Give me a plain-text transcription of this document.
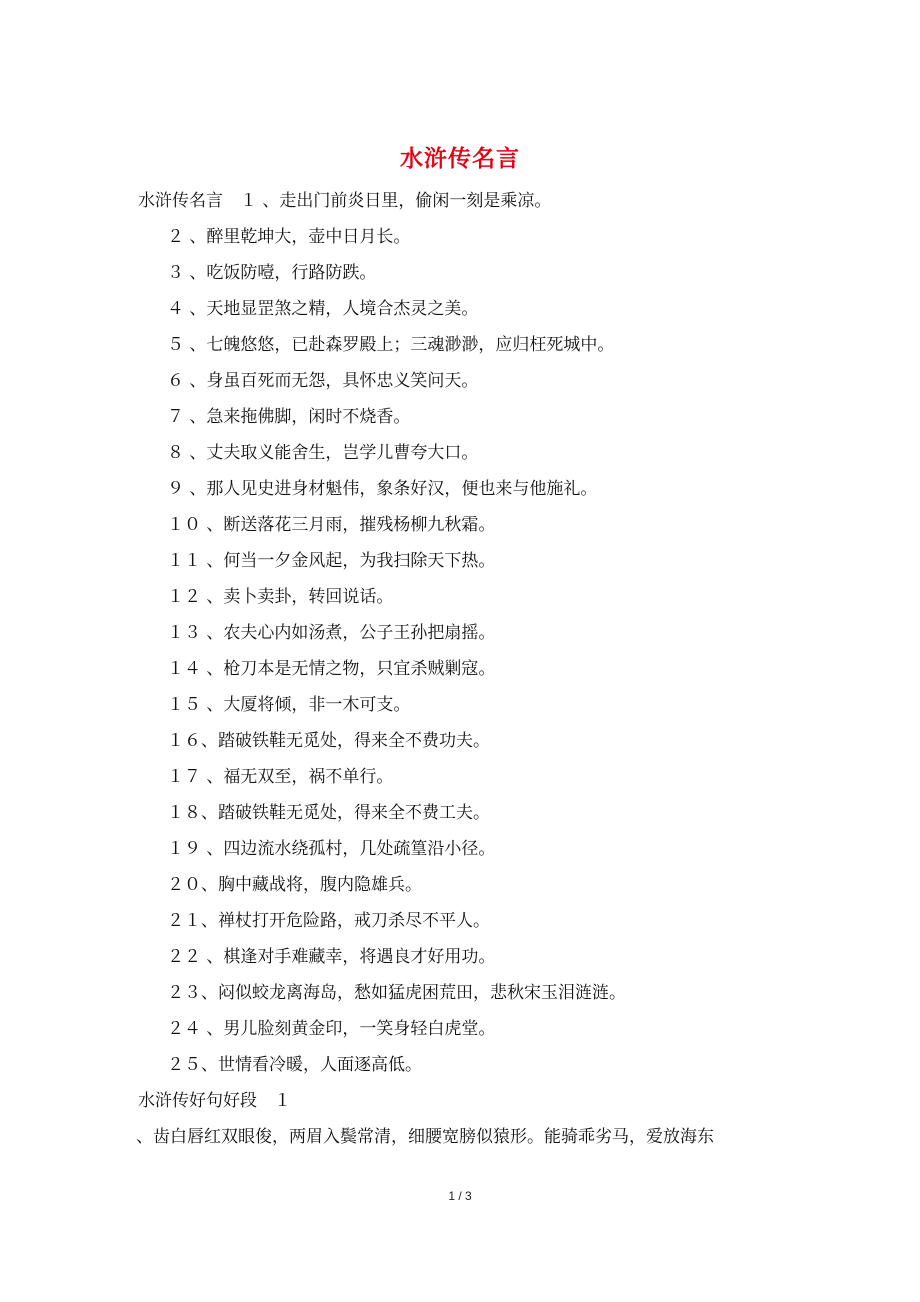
水浒传名言
水浒传名言　１ 、走出门前炎日里，偷闲一刻是乘凉。
２ 、醉里乾坤大，壶中日月长。
３ 、吃饭防噎，行路防跌。
４ 、天地显罡煞之精，人境合杰灵之美。
５ 、七魄悠悠，已赴森罗殿上；三魂渺渺，应归枉死城中。
６ 、身虽百死而无怨，具怀忠义笑问天。
７ 、急来拖佛脚，闲时不烧香。
８ 、丈夫取义能舍生，岂学儿曹夸大口。
９ 、那人见史进身材魁伟，象条好汉，便也来与他施礼。
１０ 、断送落花三月雨，摧残杨柳九秋霜。
１１ 、何当一夕金风起，为我扫除天下热。
１２ 、卖卜卖卦，转回说话。
１３ 、农夫心内如汤煮，公子王孙把扇摇。
１４ 、枪刀本是无情之物，只宜杀贼剿寇。
１５ 、大厦将倾，非一木可支。
１６、踏破铁鞋无觅处，得来全不费功夫。
１７ 、福无双至，祸不单行。
１８、踏破铁鞋无觅处，得来全不费工夫。
１９ 、四边流水绕孤村，几处疏篁沿小径。
２０、胸中藏战将，腹内隐雄兵。
２１、禅杖打开危险路，戒刀杀尽不平人。
２２ 、棋逢对手难藏幸，将遇良才好用功。
２３、闷似蛟龙离海岛，愁如猛虎困荒田，悲秋宋玉泪涟涟。
２４ 、男儿脸刻黄金印，一笑身轻白虎堂。
２５、世情看冷暖，人面逐高低。
水浒传好句好段　１
、齿白唇红双眼俊，两眉入鬓常清，细腰宽膀似猿形。能骑乖劣马，爱放海东
1 / 3
